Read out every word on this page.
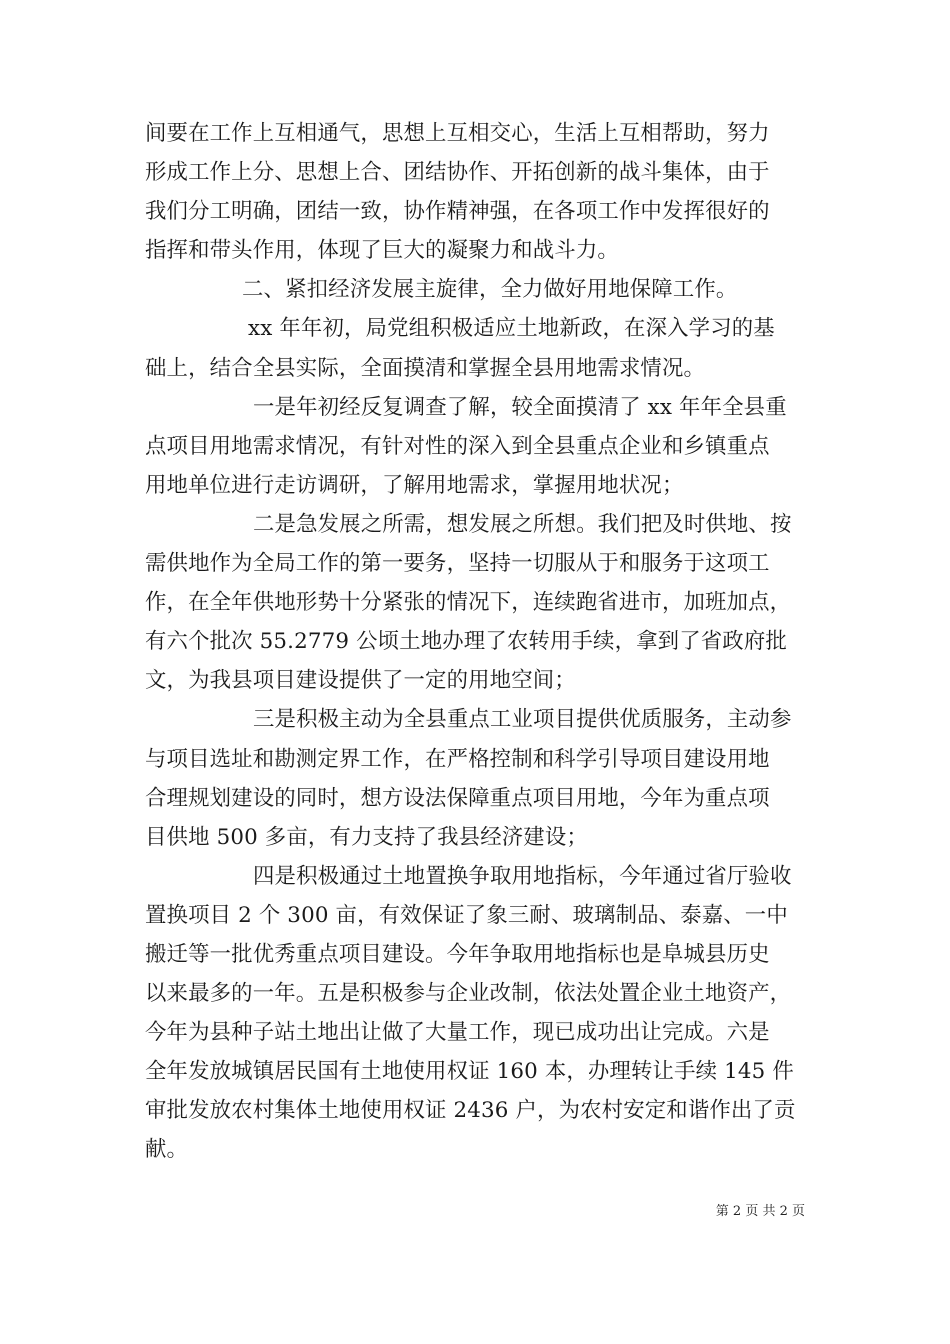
间要在工作上互相通气，思想上互相交心，生活上互相帮助，努力
形成工作上分、思想上合、团结协作、开拓创新的战斗集体，由于
我们分工明确，团结一致，协作精神强，在各项工作中发挥很好的
指挥和带头作用，体现了巨大的凝聚力和战斗力。
二、紧扣经济发展主旋律，全力做好用地保障工作。
xx 年年初，局党组积极适应土地新政，在深入学习的基
础上，结合全县实际，全面摸清和掌握全县用地需求情况。
一是年初经反复调查了解，较全面摸清了 xx 年年全县重
点项目用地需求情况，有针对性的深入到全县重点企业和乡镇重点
用地单位进行走访调研，了解用地需求，掌握用地状况；
二是急发展之所需，想发展之所想。我们把及时供地、按
需供地作为全局工作的第一要务，坚持一切服从于和服务于这项工
作，在全年供地形势十分紧张的情况下，连续跑省进市，加班加点，
有六个批次 55.2779 公顷土地办理了农转用手续，拿到了省政府批
文，为我县项目建设提供了一定的用地空间；
三是积极主动为全县重点工业项目提供优质服务，主动参
与项目选址和勘测定界工作，在严格控制和科学引导项目建设用地
合理规划建设的同时，想方设法保障重点项目用地，今年为重点项
目供地 500 多亩，有力支持了我县经济建设；
四是积极通过土地置换争取用地指标，今年通过省厅验收
置换项目 2 个 300 亩，有效保证了象三耐、玻璃制品、泰嘉、一中
搬迁等一批优秀重点项目建设。今年争取用地指标也是阜城县历史
以来最多的一年。五是积极参与企业改制，依法处置企业土地资产，
今年为县种子站土地出让做了大量工作，现已成功出让完成。六是
全年发放城镇居民国有土地使用权证 160 本，办理转让手续 145 件
审批发放农村集体土地使用权证 2436 户，为农村安定和谐作出了贡
献。
第 2 页 共 2 页
